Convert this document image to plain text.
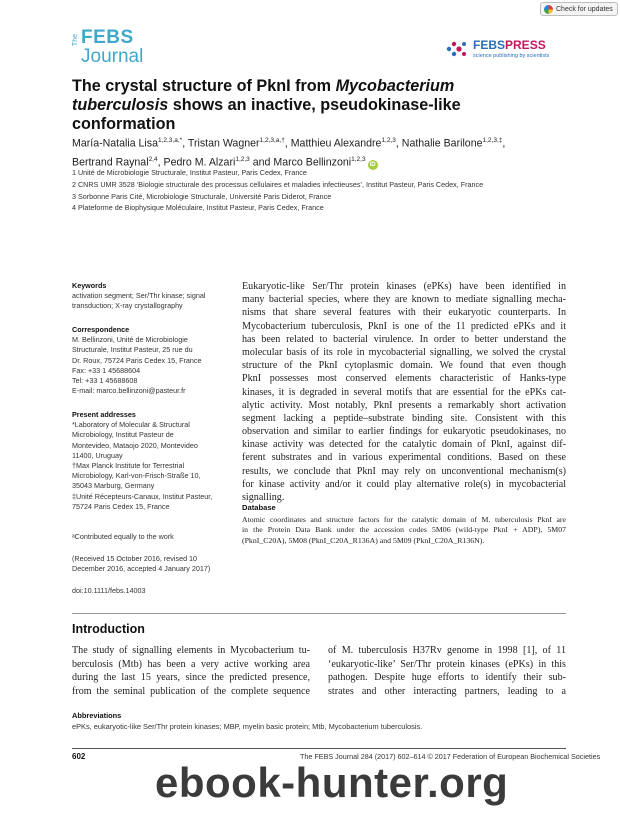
Check for updates
The FEBS
Journal
FEBSPRESS
science publishing by scientists
The crystal structure of PknI from Mycobacterium
tuberculosis shows an inactive, pseudokinase-like
conformation
María-Natalia Lisa$^{1,2,3,a,*}$, Tristan Wagner$^{1,2,3,a,\dagger}$, Matthieu Alexandre$^{1,2,3}$, Nathalie Barilone$^{1,2,3,\ddagger}$,
Bertrand Raynal$^{2,4}$, Pedro M. Alzari$^{1,2,3}$ and Marco Bellinzoni$^{1,2,3}$iD
1 Unité de Microbiologie Structurale, Institut Pasteur, Paris Cedex, France
2 CNRS UMR 3528 ‘Biologie structurale des processus cellulaires et maladies infectieuses’, Institut Pasteur, Paris Cedex, France
3 Sorbonne Paris Cité, Microbiologie Structurale, Université Paris Diderot, France
4 Plateforme de Biophysique Moléculaire, Institut Pasteur, Paris Cedex, France
Keywords

activation segment; Ser/Thr kinase; signal

transduction; X-ray crystallography

Correspondence

M. Bellinzoni, Unité de Microbiologie

Structurale, Institut Pasteur, 25 rue du

Dr. Roux, 75724 Paris Cedex 15, France

Fax: +33 1 45688604

Tel: +33 1 45688608

E-mail: marco.bellinzoni@pasteur.fr

Present addresses

*Laboratory of Molecular & Structural

Microbiology, Institut Pasteur de

Montevideo, Mataojo 2020, Montevideo

11400, Uruguay

†Max Planck Institute for Terrestrial

Microbiology, Karl-von-Frisch-Straße 10,

35043 Marburg, Germany

‡Unité Récepteurs-Canaux, Institut Pasteur,

75724 Paris Cedex 15, France

ᵃContributed equally to the work

(Received 15 October 2016, revised 10

December 2016, accepted 4 January 2017)

doi:10.1111/febs.14003
Eukaryotic-like Ser/Thr protein kinases (ePKs) have been identified in
many bacterial species, where they are known to mediate signalling mecha-
nisms that share several features with their eukaryotic counterparts. In
Mycobacterium tuberculosis, PknI is one of the 11 predicted ePKs and it
has been related to bacterial virulence. In order to better understand the
molecular basis of its role in mycobacterial signalling, we solved the crystal
structure of the PknI cytoplasmic domain. We found that even though
PknI possesses most conserved elements characteristic of Hanks-type
kinases, it is degraded in several motifs that are essential for the ePKs cat-
alytic activity. Most notably, PknI presents a remarkably short activation
segment lacking a peptide–substrate binding site. Consistent with this
observation and similar to earlier findings for eukaryotic pseudokinases, no
kinase activity was detected for the catalytic domain of PknI, against dif-
ferent substrates and in various experimental conditions. Based on these
results, we conclude that PknI may rely on unconventional mechanism(s)
for kinase activity and/or it could play alternative role(s) in mycobacterial
signalling.
Database
Atomic coordinates and structure factors for the catalytic domain of M. tuberculosis PknI are
in the Protein Data Bank under the accession codes 5M06 (wild-type PknI + ADP), 5M07
(PknI_C20A), 5M08 (PknI_C20A_R136A) and 5M09 (PknI_C20A_R136N).
Introduction
The study of signalling elements in Mycobacterium tu-
berculosis (Mtb) has been a very active working area
during the last 15 years, since the predicted presence,
from the seminal publication of the complete sequence
of M. tuberculosis H37Rv genome in 1998 [1], of 11
‘eukaryotic-like’ Ser/Thr protein kinases (ePKs) in this
pathogen. Despite huge efforts to identify their sub-
strates and other interacting partners, leading to a
Abbreviations
ePKs, eukaryotic-like Ser/Thr protein kinases; MBP, myelin basic protein; Mtb, Mycobacterium tuberculosis.
602	The FEBS Journal 284 (2017) 602–614 © 2017 Federation of European Biochemical Societies
ebook-hunter.org
